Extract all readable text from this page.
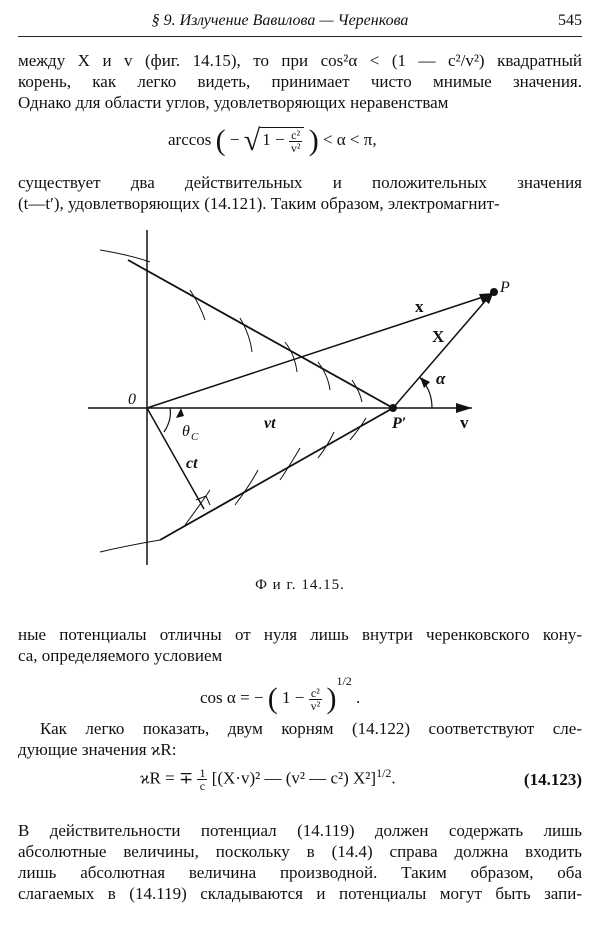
§ 9. Излучение Вавилова — Черенкова	545
между X и v (фиг. 14.15), то при cos²α < (1 — c²/v²) квадратный
корень, как легко видеть, принимает чисто мнимые значения.
Однако для области углов, удовлетворяющих неравенствам
arccos ( − √ $1 - \frac{\text{c²}}{\text{v²}}$ ) < α < π,
существует два действительных и положительных значения
(t—t′), удовлетворяющих (14.121). Таким образом, электромагнит-
0
P
P′
x
X
α
vt	v
θ C
ct
Ф и г. 14.15.
ные потенциалы отличны от нуля лишь внутри черенковского кону-
са, определяемого условием
cos α = − ( $1 - \frac{\text{c²}}{\text{v²}} )^{1/2}$ .
Как легко показать, двум корням (14.122) соответствуют сле-
дующие значения ϰR:
ϰR = ∓ $\frac{1}{c} [(X\cdot v)^2$ — (v² — c²) X²]$^{1/2}$.	(14.123)
В действительности потенциал (14.119) должен содержать лишь
абсолютные величины, поскольку в (14.4) справа должна входить
лишь абсолютная величина производной. Таким образом, оба
слагаемых в (14.119) складываются и потенциалы могут быть запи-
